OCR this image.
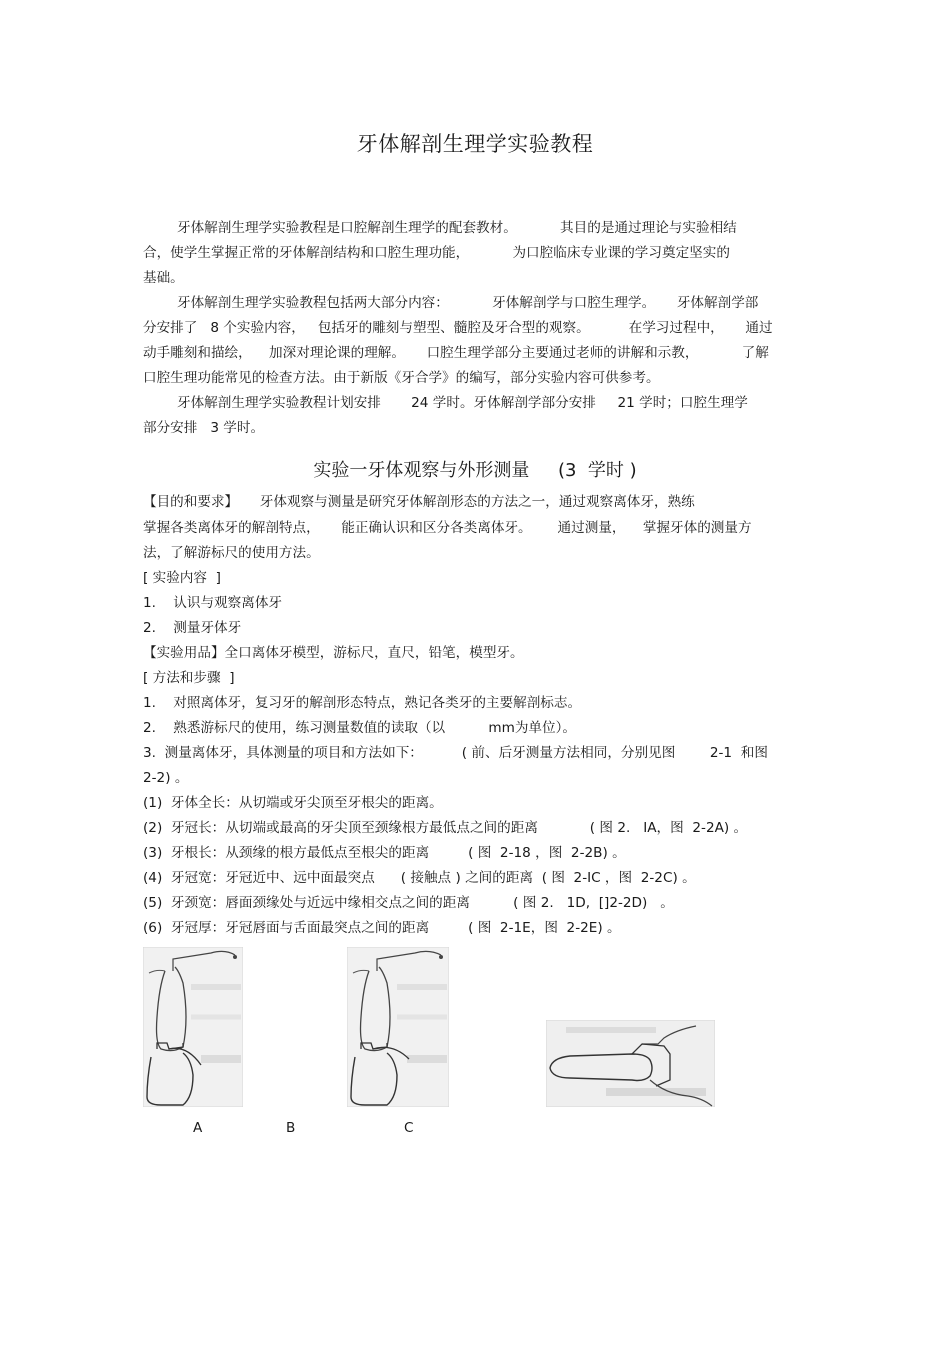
牙体解剖生理学实验教程
牙体解剖生理学实验教程是口腔解剖生理学的配套教材。          其目的是通过理论与实验相结
合，使学生掌握正常的牙体解剖结构和口腔生理功能，          为口腔临床专业课的学习奠定坚实的
基础。
牙体解剖生理学实验教程包括两大部分内容：          牙体解剖学与口腔生理学。     牙体解剖学部
分安排了   8 个实验内容，   包括牙的雕刻与塑型、髓腔及牙合型的观察。         在学习过程中，     通过
动手雕刻和描绘，    加深对理论课的理解。     口腔生理学部分主要通过老师的讲解和示教，          了解
口腔生理功能常见的检查方法。由于新版《牙合学》的编写，部分实验内容可供参考。
牙体解剖生理学实验教程计划安排       24 学时。牙体解剖学部分安排     21 学时；口腔生理学
部分安排   3 学时。
实验一牙体观察与外形测量     (3  学时 )
【目的和要求】     牙体观察与测量是研究牙体解剖形态的方法之一，通过观察离体牙，熟练
掌握各类离体牙的解剖特点，     能正确认识和区分各类离体牙。      通过测量，    掌握牙体的测量方
法，了解游标尺的使用方法。
[ 实验内容  ]
1.    认识与观察离体牙
2.    测量牙体牙
【实验用品】全口离体牙模型，游标尺，直尺，铅笔，模型牙。
[ 方法和步骤  ]
1.    对照离体牙，复习牙的解剖形态特点，熟记各类牙的主要解剖标志。
2.    熟悉游标尺的使用，练习测量数值的读取（以          mm为单位）。
3.  测量离体牙，具体测量的项目和方法如下：         ( 前、后牙测量方法相同，分别见图        2-1  和图
2-2) 。
(1)  牙体全长：从切端或牙尖顶至牙根尖的距离。
(2)  牙冠长：从切端或最高的牙尖顶至颈缘根方最低点之间的距离            ( 图 2.   IA，图  2-2A) 。
(3)  牙根长：从颈缘的根方最低点至根尖的距离         ( 图  2-18 ，图  2-2B) 。
(4)  牙冠宽：牙冠近中、远中面最突点      ( 接触点 ) 之间的距离  ( 图  2-IC ，图  2-2C) 。
(5)  牙颈宽：唇面颈缘处与近远中缘相交点之间的距离          ( 图 2.   1D,  []2-2D)   。
(6)  牙冠厚：牙冠唇面与舌面最突点之间的距离         ( 图  2-1E，图  2-2E) 。
A	B	C
